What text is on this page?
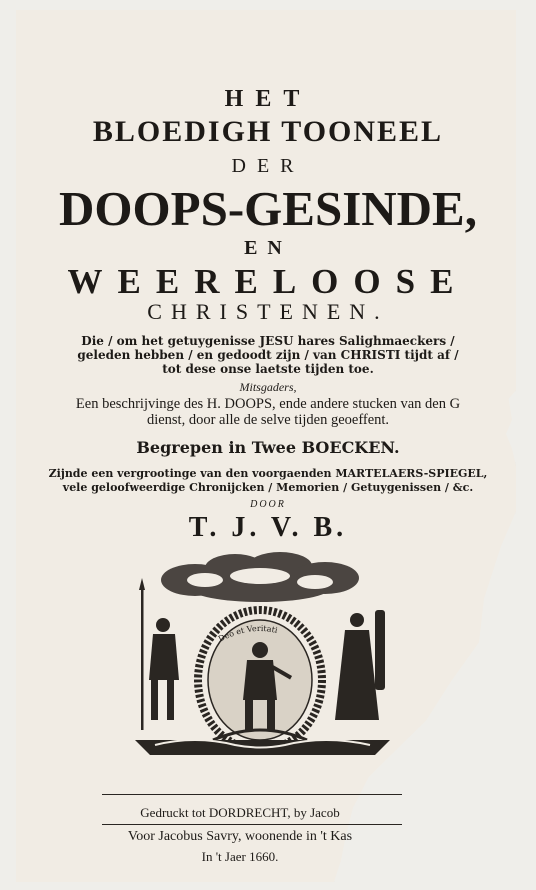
HET
BLOEDIGH TOONEEL
DER
DOOPS-GESINDE,
EN
WEERELOOSE
CHRISTENEN.
Die / om het getuygenisse JESU hares Salighmaeckers /
geleden hebben / en gedoodt zijn / van CHRISTI tijdt af /
tot dese onse laetste tijden toe.
Mitsgaders,
Een beschrijvinge des H. DOOPS, ende andere stucken van den G
dienst, door alle de selve tijden geoeffent.
Begrepen in Twee BOECKEN.
Zijnde een vergrootinge van den voorgaenden MARTELAERS-SPIEGEL,
vele geloofweerdige Chronijcken / Memorien / Getuygenissen / &c.
DOOR
T. J. V. B.
Deo et Veritati
Gedruckt tot DORDRECHT, by Jacob
Voor Jacobus Savry, woonende in 't Kas
In 't Jaer 1660.
